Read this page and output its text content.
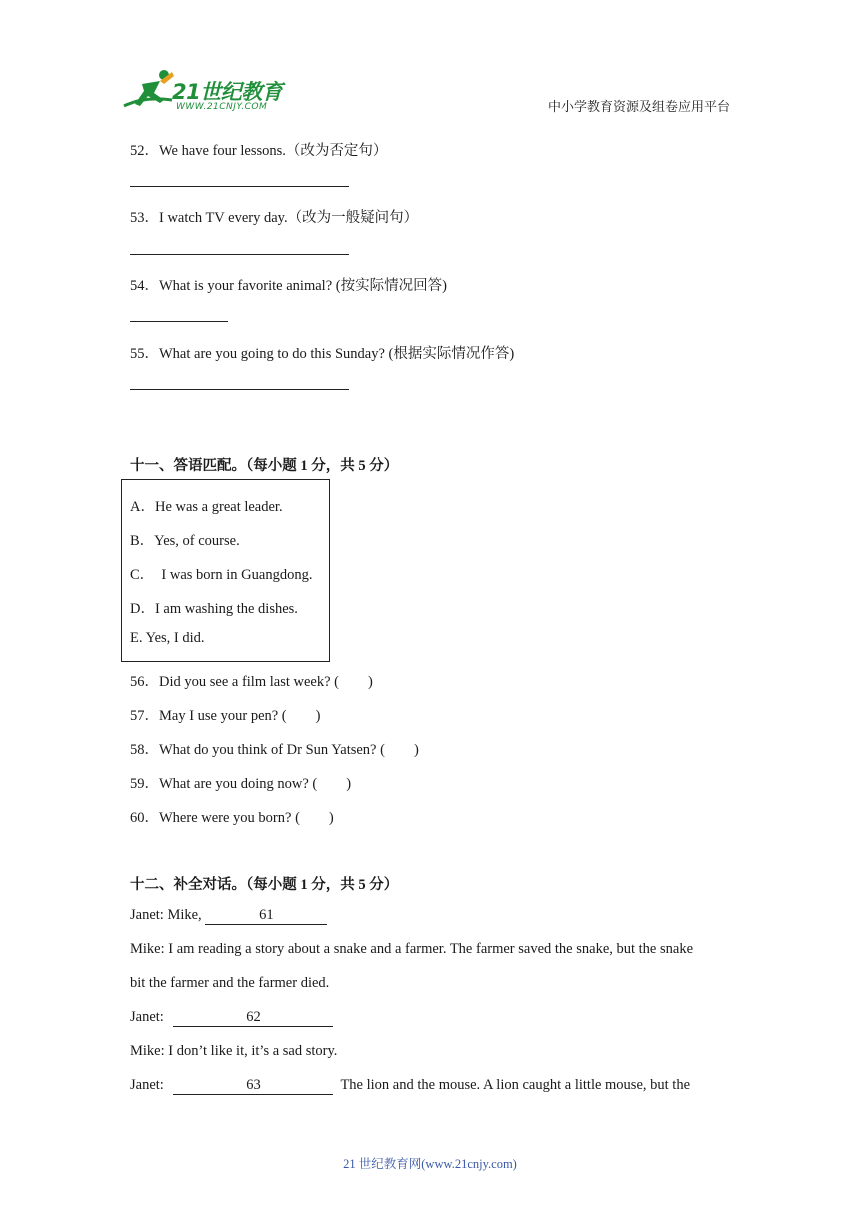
21世纪教育
WWW.21CNJY.COM	中小学教育资源及组卷应用平台
52．We have four lessons.（改为否定句）
53．I watch TV every day.（改为一般疑问句）
54．What is your favorite animal? (按实际情况回答)
55．What are you going to do this Sunday? (根据实际情况作答)
十一、答语匹配。（每小题 1 分，共 5 分）
A．He was a great leader.
B．Yes, of course.
C．  I was born in Guangdong.
D．I am washing the dishes.
E. Yes, I did.
56．Did you see a film last week? (        )
57．May I use your pen? (        )
58．What do you think of Dr Sun Yatsen? (        )
59．What are you doing now? (        )
60．Where were you born? (        )
十二、补全对话。（每小题 1 分，共 5 分）
Janet: Mike,	61
Mike: I am reading a story about a snake and a farmer. The farmer saved the snake, but the snake
bit the farmer and the farmer died.
Janet:	62
Mike: I don’t like it, it’s a sad story.
Janet:	63	The lion and the mouse. A lion caught a little mouse, but the
21 世纪教育网(www.21cnjy.com)
